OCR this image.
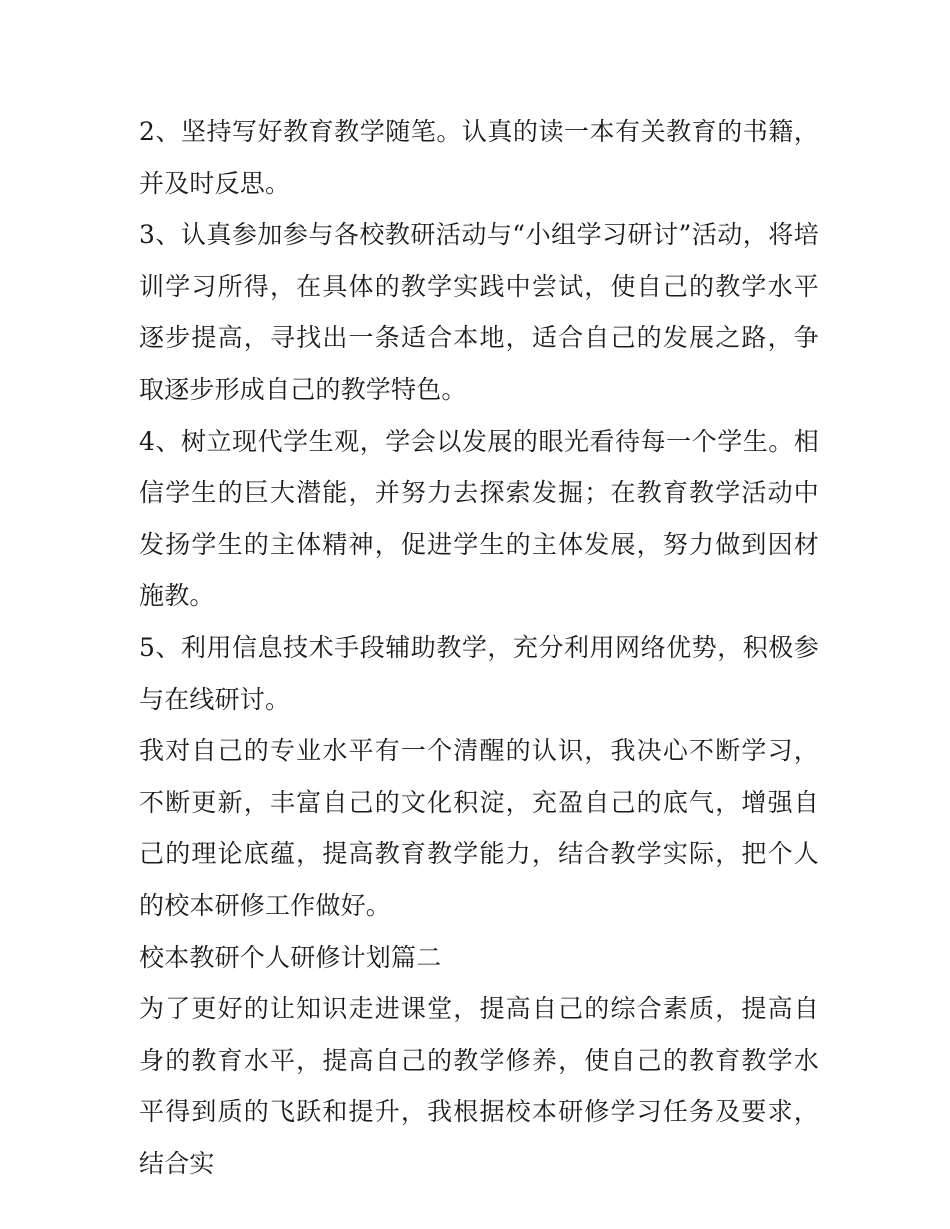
2、坚持写好教育教学随笔。认真的读一本有关教育的书籍，并及时反思。

3、认真参加参与各校教研活动与“小组学习研讨”活动，将培训学习所得，在具体的教学实践中尝试，使自己的教学水平逐步提高，寻找出一条适合本地，适合自己的发展之路，争取逐步形成自己的教学特色。

4、树立现代学生观，学会以发展的眼光看待每一个学生。相信学生的巨大潜能，并努力去探索发掘；在教育教学活动中发扬学生的主体精神，促进学生的主体发展，努力做到因材施教。

5、利用信息技术手段辅助教学，充分利用网络优势，积极参与在线研讨。

我对自己的专业水平有一个清醒的认识，我决心不断学习，不断更新，丰富自己的文化积淀，充盈自己的底气，增强自己的理论底蕴，提高教育教学能力，结合教学实际，把个人的校本研修工作做好。

校本教研个人研修计划篇二

为了更好的让知识走进课堂，提高自己的综合素质，提高自身的教育水平，提高自己的教学修养，使自己的教育教学水平得到质的飞跃和提升，我根据校本研修学习任务及要求，结合实
